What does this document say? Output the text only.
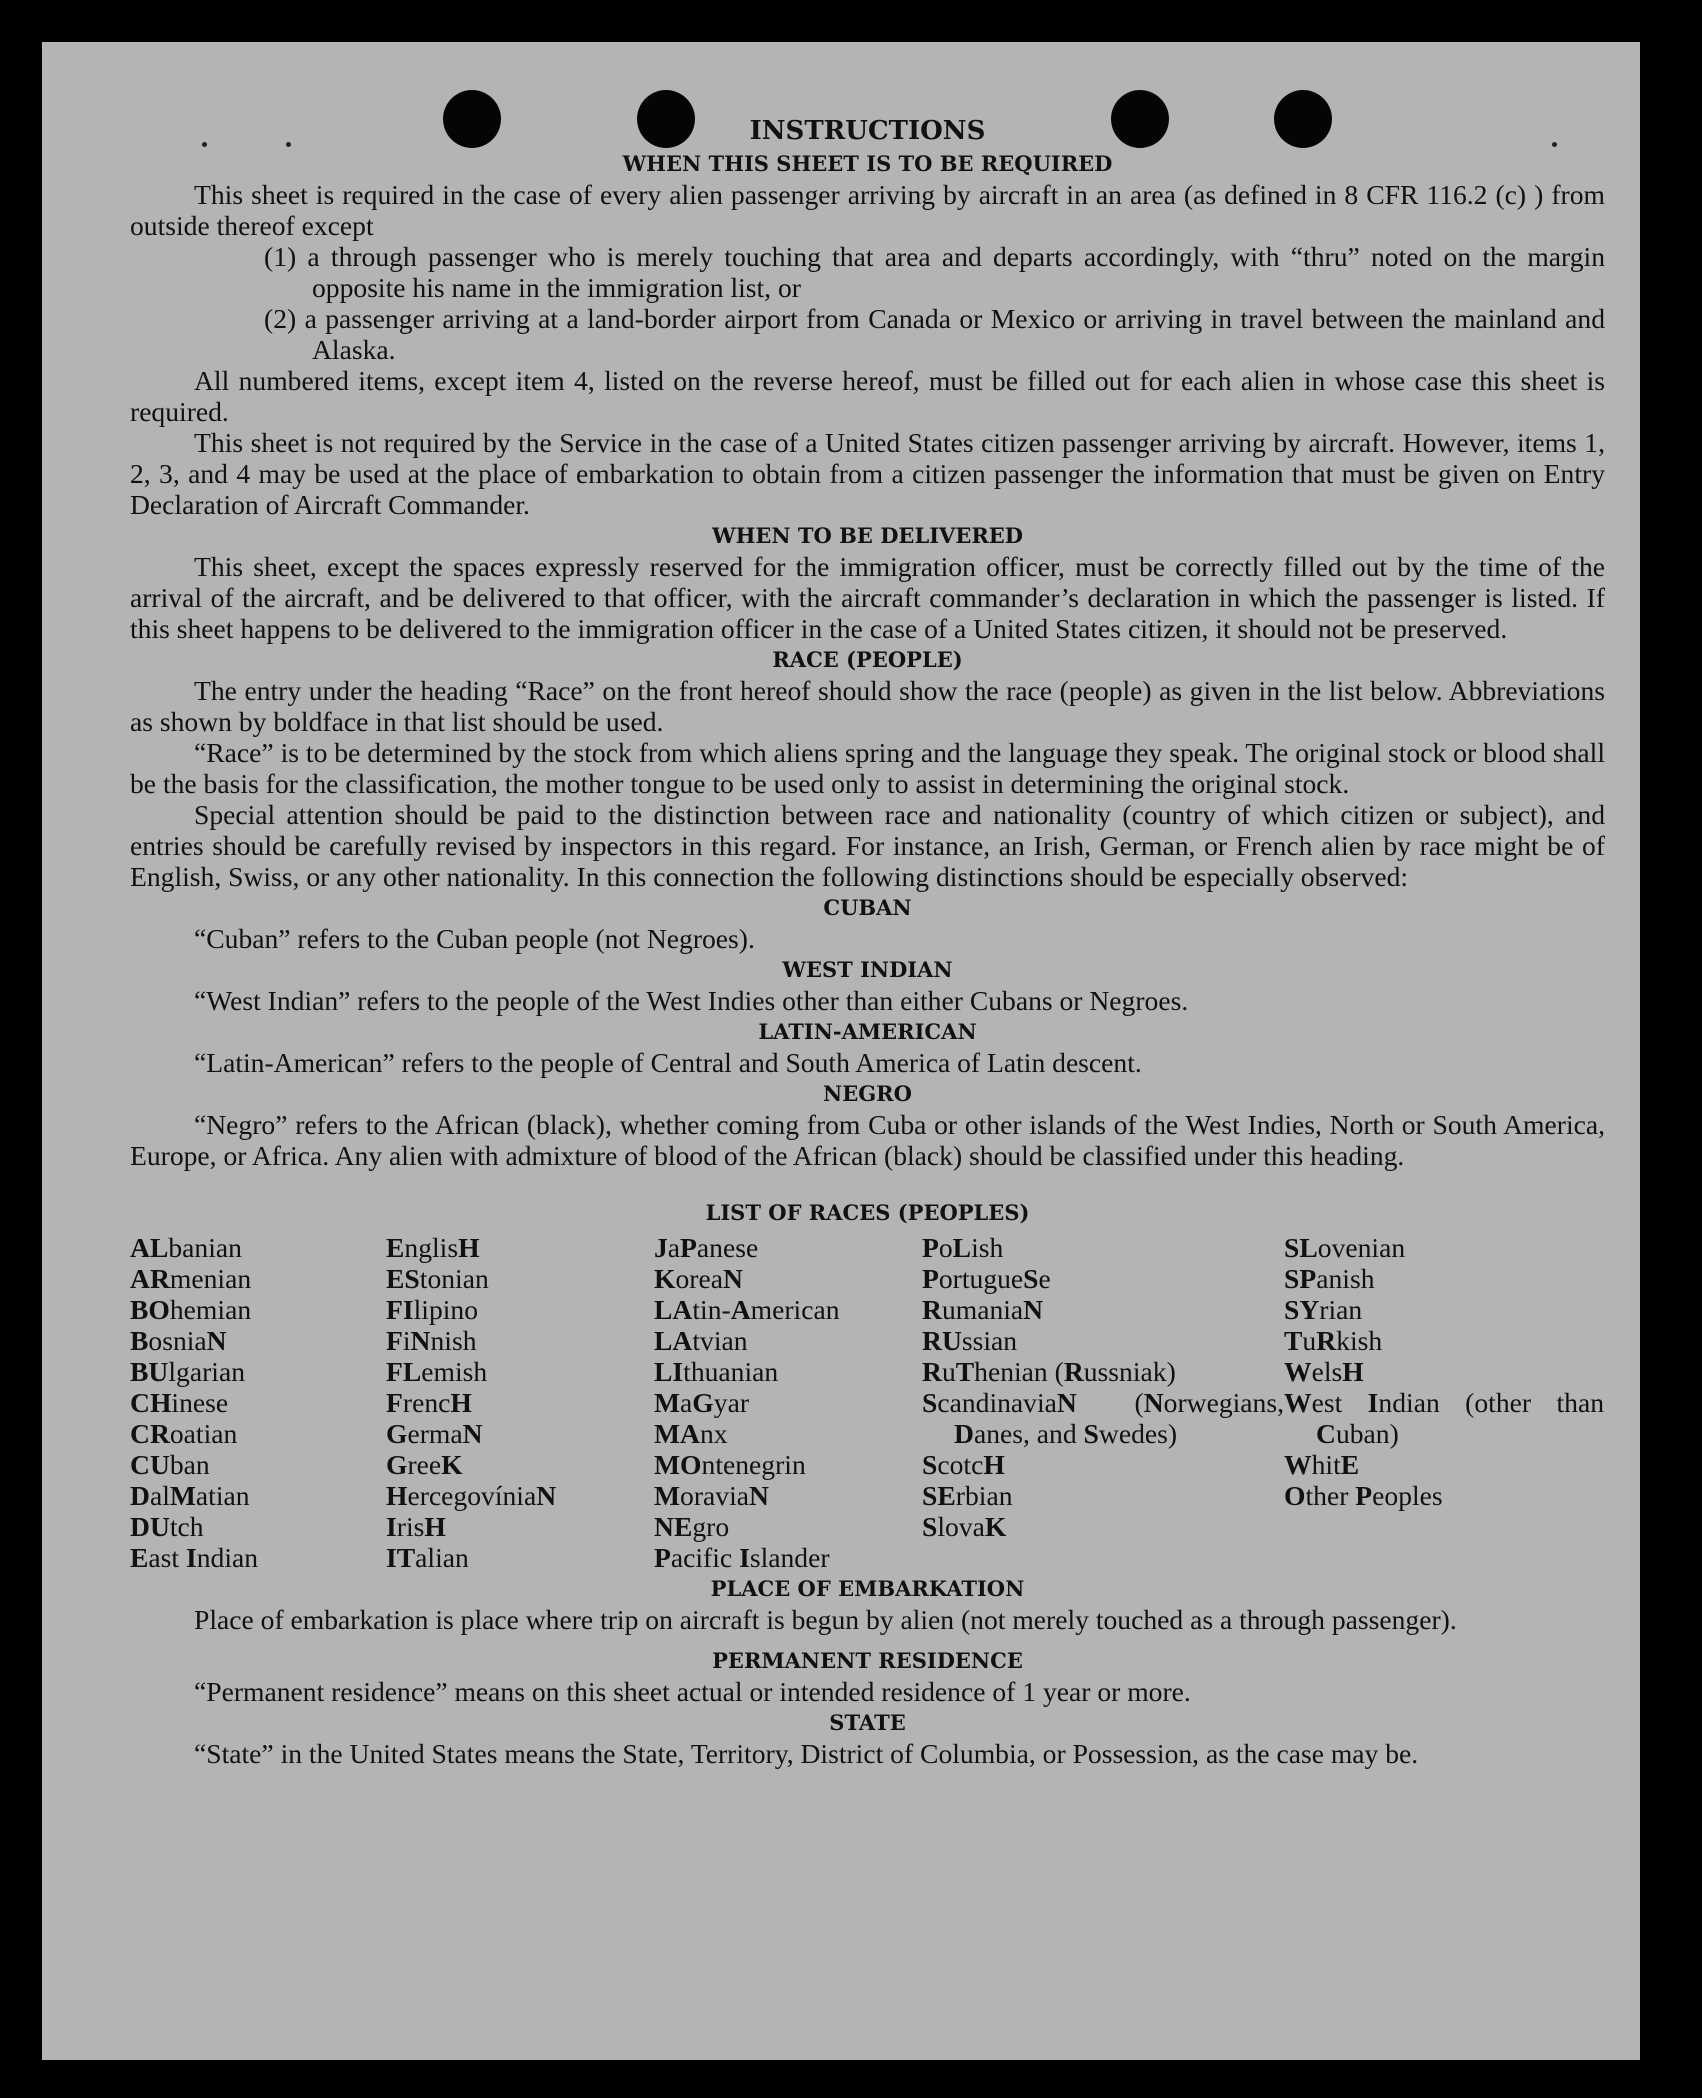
INSTRUCTIONS
WHEN THIS SHEET IS TO BE REQUIRED

This sheet is required in the case of every alien passenger arriving by aircraft in an area (as defined in 8 CFR 116.2 (c) ) from outside thereof except

(1) a through passenger who is merely touching that area and departs accordingly, with “thru” noted on the margin opposite his name in the immigration list, or

(2) a passenger arriving at a land-border airport from Canada or Mexico or arriving in travel between the mainland and Alaska.

All numbered items, except item 4, listed on the reverse hereof, must be filled out for each alien in whose case this sheet is required.

This sheet is not required by the Service in the case of a United States citizen passenger arriving by aircraft. However, items 1, 2, 3, and 4 may be used at the place of embarkation to obtain from a citizen passenger the information that must be given on Entry Declaration of Aircraft Commander.

WHEN TO BE DELIVERED

This sheet, except the spaces expressly reserved for the immigration officer, must be correctly filled out by the time of the arrival of the aircraft, and be delivered to that officer, with the aircraft commander’s declaration in which the passenger is listed. If this sheet happens to be delivered to the immigration officer in the case of a United States citizen, it should not be preserved.

RACE (PEOPLE)

The entry under the heading “Race” on the front hereof should show the race (people) as given in the list below. Abbreviations as shown by boldface in that list should be used.

“Race” is to be determined by the stock from which aliens spring and the language they speak. The original stock or blood shall be the basis for the classification, the mother tongue to be used only to assist in determining the original stock.

Special attention should be paid to the distinction between race and nationality (country of which citizen or subject), and entries should be carefully revised by inspectors in this regard. For instance, an Irish, German, or French alien by race might be of English, Swiss, or any other nationality. In this connection the following distinctions should be especially observed:

CUBAN

“Cuban” refers to the Cuban people (not Negroes).

WEST INDIAN

“West Indian” refers to the people of the West Indies other than either Cubans or Negroes.

LATIN-AMERICAN

“Latin-American” refers to the people of Central and South America of Latin descent.

NEGRO

“Negro” refers to the African (black), whether coming from Cuba or other islands of the West Indies, North or South America, Europe, or Africa. Any alien with admixture of blood of the African (black) should be classified under this heading.

LIST OF RACES (PEOPLES)
ALbanian
ARmenian
BOhemian
BosniaN
BUlgarian
CHinese
CRoatian
CUban
DalMatian
DUtch
East Indian
EnglisH
EStonian
FIlipino
FiNnish
FLemish
FrencH
GermaN
GreeK
HercegovíniaN
IrisH
ITalian
JaPanese
KoreaN
LAtin-American
LAtvian
LIthuanian
MaGyar
MAnx
MOntenegrin
MoraviaN
NEgro
Pacific Islander
PoLish
PortugueSe
RumaniaN
RUssian
RuThenian (Russniak)
ScandinaviaN (Norwegians, Danes, and Swedes)
ScotcH
SErbian
SlovaK
SLovenian
SPanish
SYrian
TuRkish
WelsH
West Indian (other than Cuban)
WhitE
Other Peoples
PLACE OF EMBARKATION

Place of embarkation is place where trip on aircraft is begun by alien (not merely touched as a through passenger).

PERMANENT RESIDENCE

“Permanent residence” means on this sheet actual or intended residence of 1 year or more.

STATE

“State” in the United States means the State, Territory, District of Columbia, or Possession, as the case may be.
